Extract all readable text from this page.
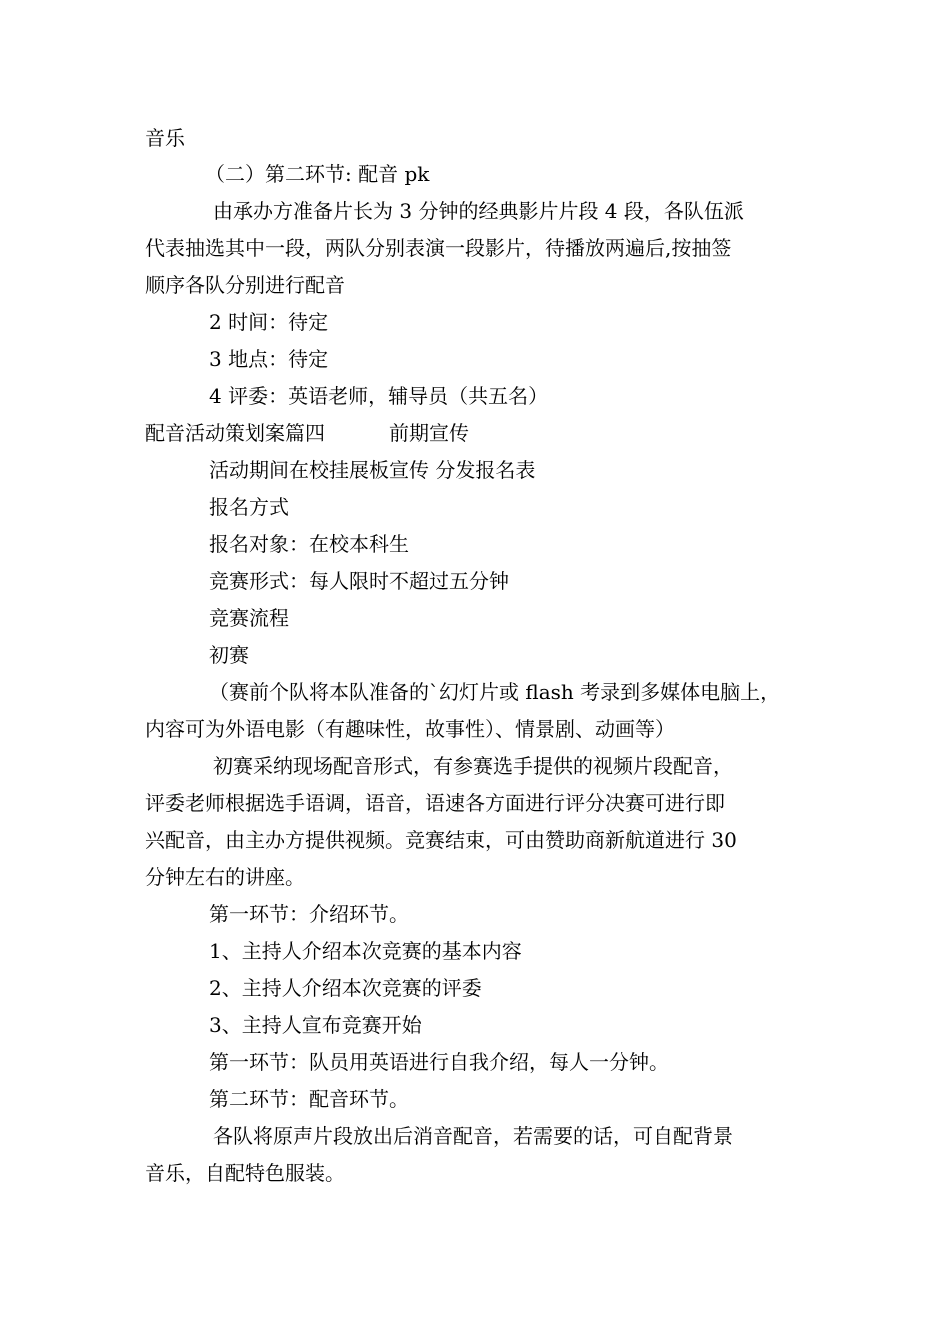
音乐
（二）第二环节: 配音 pk
由承办方准备片长为 3 分钟的经典影片片段 4 段，各队伍派
代表抽选其中一段，两队分别表演一段影片，待播放两遍后,按抽签
顺序各队分别进行配音
2 时间：待定
3 地点：待定
4 评委：英语老师，辅导员（共五名）
配音活动策划案篇四	前期宣传
活动期间在校挂展板宣传 分发报名表
报名方式
报名对象：在校本科生
竞赛形式：每人限时不超过五分钟
竞赛流程
初赛
（赛前个队将本队准备的`幻灯片或 flash 考录到多媒体电脑上，
内容可为外语电影（有趣味性，故事性）、情景剧、动画等）
初赛采纳现场配音形式，有参赛选手提供的视频片段配音，
评委老师根据选手语调，语音，语速各方面进行评分决赛可进行即
兴配音，由主办方提供视频。竞赛结束，可由赞助商新航道进行 30
分钟左右的讲座。
第一环节：介绍环节。
1、主持人介绍本次竞赛的基本内容
2、主持人介绍本次竞赛的评委
3、主持人宣布竞赛开始
第一环节：队员用英语进行自我介绍，每人一分钟。
第二环节：配音环节。
各队将原声片段放出后消音配音，若需要的话，可自配背景
音乐，自配特色服装。
